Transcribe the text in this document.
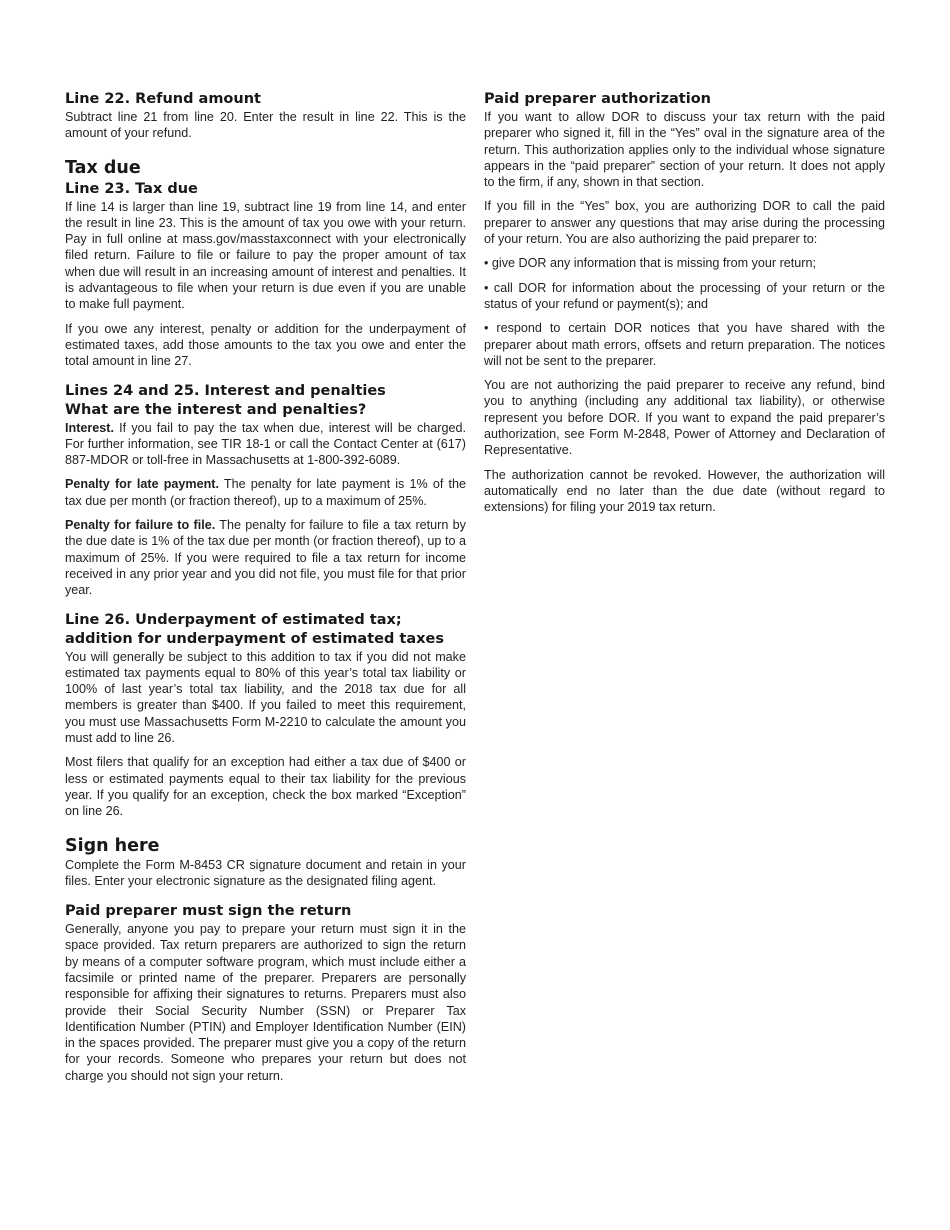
Line 22. Refund amount

Subtract line 21 from line 20. Enter the result in line 22. This is the amount of your refund.

Tax due
Line 23. Tax due

If line 14 is larger than line 19, subtract line 19 from line 14, and enter the result in line 23. This is the amount of tax you owe with your return. Pay in full online at mass.gov/masstaxconnect with your electronically filed return. Failure to file or failure to pay the proper amount of tax when due will result in an increasing amount of interest and penalties. It is advantageous to file when your return is due even if you are unable to make full payment.

If you owe any interest, penalty or addition for the underpayment of estimated taxes, add those amounts to the tax you owe and enter the total amount in line 27.

Lines 24 and 25. Interest and penalties
What are the interest and penalties?

Interest. If you fail to pay the tax when due, interest will be charged. For further information, see TIR 18-1 or call the Contact Center at (617) 887-MDOR or toll-free in Massachusetts at 1-800-392-6089.

Penalty for late payment. The penalty for late payment is 1% of the tax due per month (or fraction thereof), up to a maximum of 25%.

Penalty for failure to file. The penalty for failure to file a tax return by the due date is 1% of the tax due per month (or fraction thereof), up to a maximum of 25%. If you were required to file a tax return for income received in any prior year and you did not file, you must file for that prior year.

Line 26. Underpayment of estimated tax;
addition for underpayment of estimated taxes

You will generally be subject to this addition to tax if you did not make estimated tax payments equal to 80% of this year’s total tax liability or 100% of last year’s total tax liability, and the 2018 tax due for all members is greater than $400. If you failed to meet this requirement, you must use Massachusetts Form M-2210 to calculate the amount you must add to line 26.

Most filers that qualify for an exception had either a tax due of $400 or less or estimated payments equal to their tax liability for the previous year. If you qualify for an exception, check the box marked “Exception” on line 26.

Sign here

Complete the Form M-8453 CR signature document and retain in your files. Enter your electronic signature as the designated filing agent.

Paid preparer must sign the return

Generally, anyone you pay to prepare your return must sign it in the space provided. Tax return preparers are authorized to sign the return by means of a computer software program, which must include either a facsimile or printed name of the preparer. Preparers are personally responsible for affixing their signatures to returns. Preparers must also provide their Social Security Number (SSN) or Preparer Tax Identification Number (PTIN) and Employer Identification Number (EIN) in the spaces provided. The preparer must give you a copy of the return for your records. Someone who prepares your return but does not charge you should not sign your return.

Paid preparer authorization

If you want to allow DOR to discuss your tax return with the paid preparer who signed it, fill in the “Yes” oval in the signature area of the return. This authorization applies only to the individual whose signature appears in the “paid preparer” section of your return. It does not apply to the firm, if any, shown in that section.

If you fill in the “Yes” box, you are authorizing DOR to call the paid preparer to answer any questions that may arise during the processing of your return. You are also authorizing the paid preparer to:

• give DOR any information that is missing from your return;

• call DOR for information about the processing of your return or the status of your refund or payment(s); and

• respond to certain DOR notices that you have shared with the preparer about math errors, offsets and return preparation. The notices will not be sent to the preparer.

You are not authorizing the paid preparer to receive any refund, bind you to anything (including any additional tax liability), or otherwise represent you before DOR. If you want to expand the paid preparer’s authorization, see Form M-2848, Power of Attorney and Declaration of Representative.

The authorization cannot be revoked. However, the authorization will automatically end no later than the due date (without regard to extensions) for filing your 2019 tax return.
